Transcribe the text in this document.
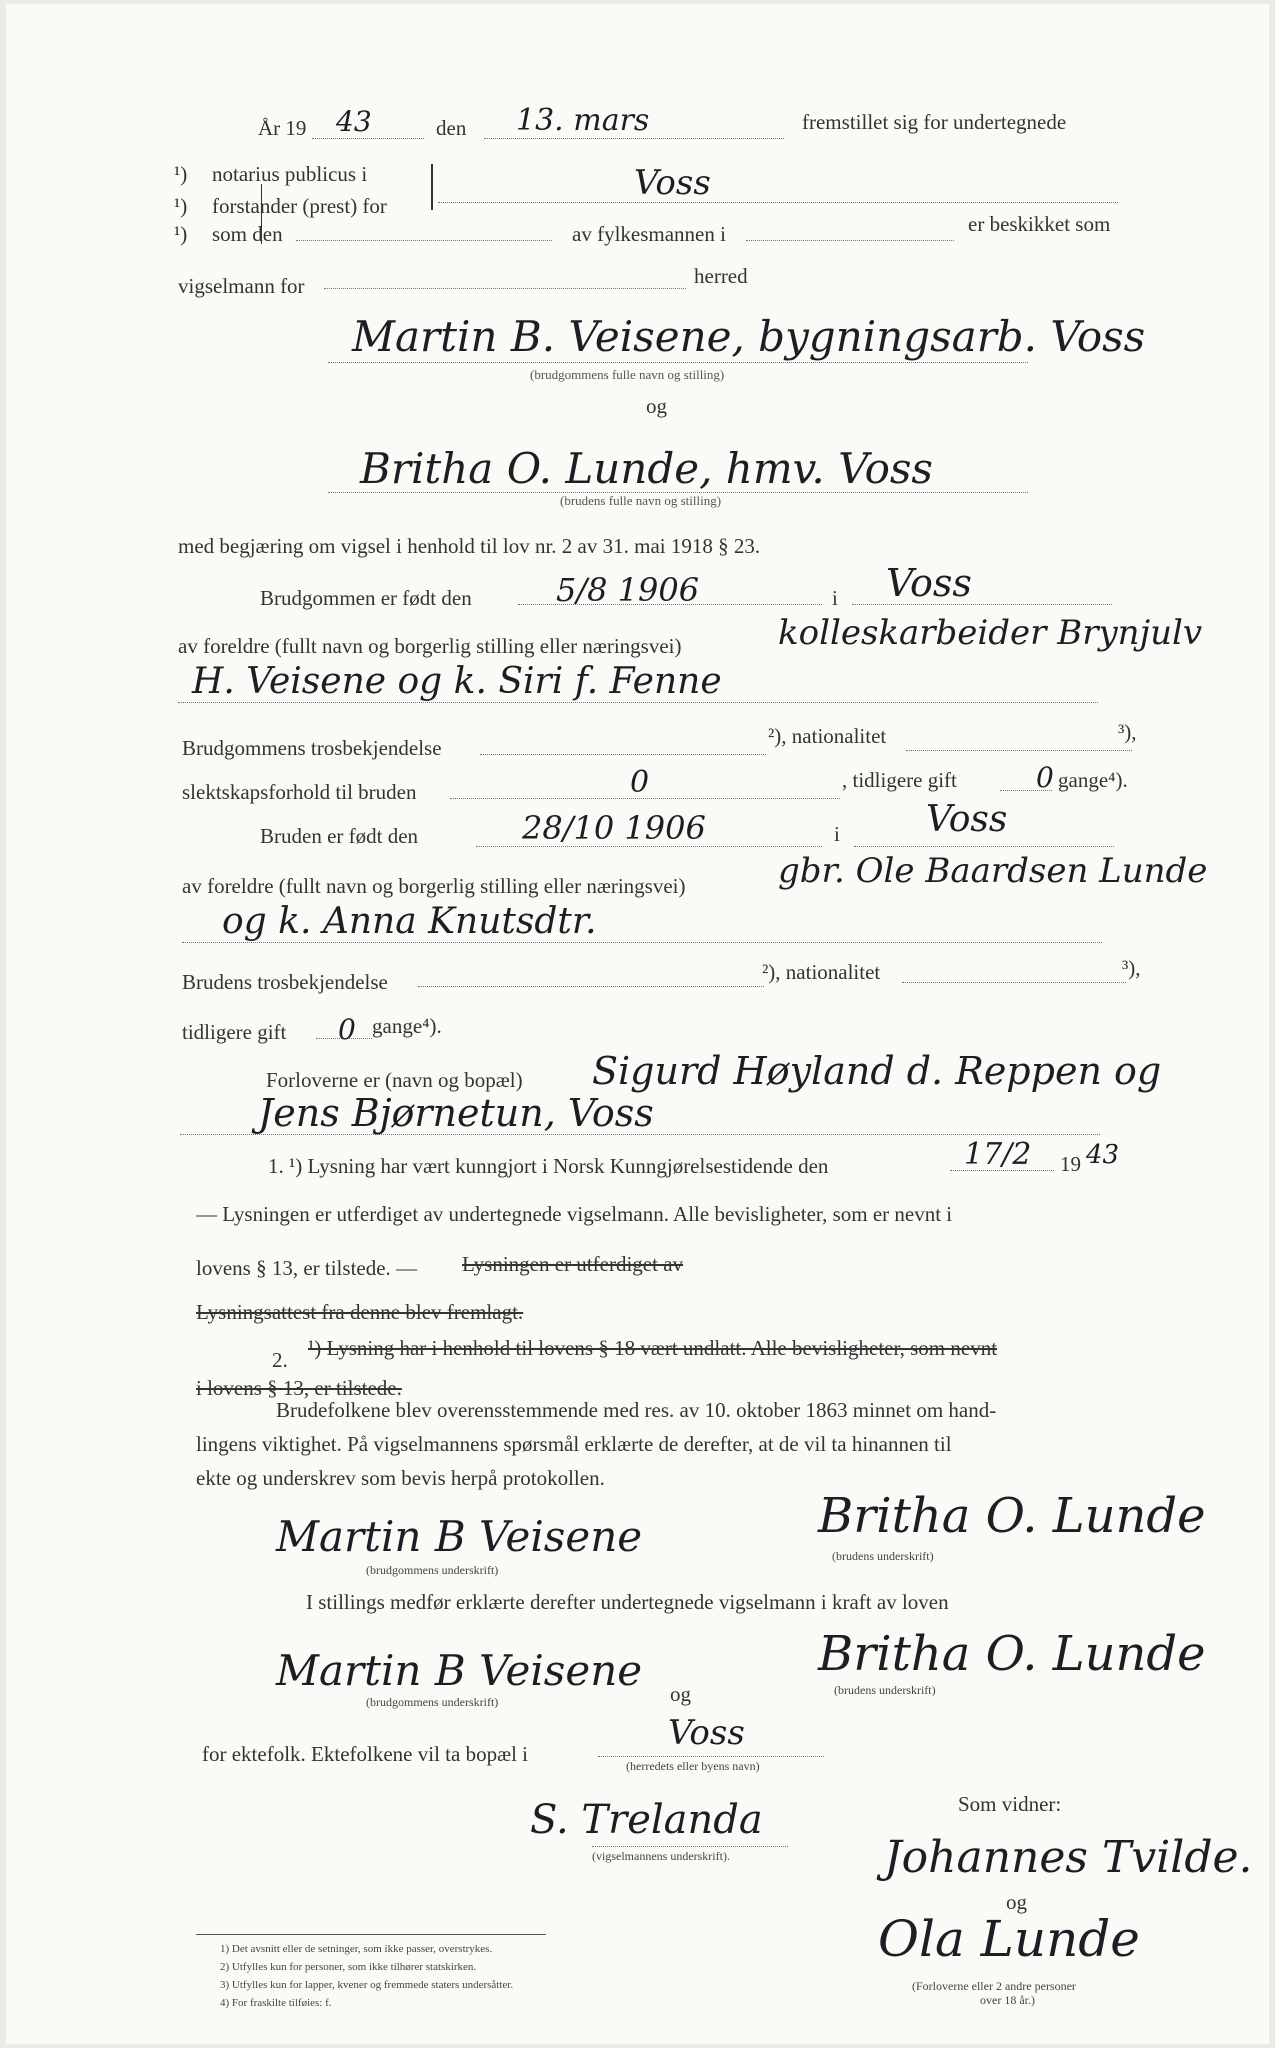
År 19 43	den 13. mars	fremstillet sig for undertegnede
¹) notarius publicus i
¹) forstander (prest) for
¹) som den
Voss
av fylkesmannen i	er beskikket som
vigselmann for	herred
Martin B. Veisene, bygningsarb. Voss
(brudgommens fulle navn og stilling)
og
Britha O. Lunde, hmv. Voss
(brudens fulle navn og stilling)
med begjæring om vigsel i henhold til lov nr. 2 av 31. mai 1918 § 23.
Brudgommen er født den	5/8 1906	i Voss
av foreldre (fullt navn og borgerlig stilling eller næringsvei)	kolleskarbeider Brynjulv
H. Veisene og k. Siri f. Fenne
Brudgommens trosbekjendelse	²), nationalitet	³),
slektskapsforhold til bruden	0	, tidligere gift	0 gange⁴).
Bruden er født den	28/10 1906	i Voss
av foreldre (fullt navn og borgerlig stilling eller næringsvei)	gbr. Ole Baardsen Lunde
og k. Anna Knutsdtr.
Brudens trosbekjendelse	²), nationalitet	³),
tidligere gift 0 gange⁴).
Forloverne er (navn og bopæl) Sigurd Høyland d. Reppen og
Jens Bjørnetun, Voss
1. ¹) Lysning har vært kunngjort i Norsk Kunngjørelsestidende den	17/2 19 43
— Lysningen er utferdiget av undertegnede vigselmann. Alle bevisligheter, som er nevnt i
lovens § 13, er tilstede. — Lysningen er utferdiget av
Lysningsattest fra denne blev fremlagt.
2. ¹) Lysning har i henhold til lovens § 18 vært undlatt. Alle bevisligheter, som nevnt
i lovens § 13, er tilstede.
Brudefolkene blev overensstemmende med res. av 10. oktober 1863 minnet om hand-
lingens viktighet. På vigselmannens spørsmål erklærte de derefter, at de vil ta hinannen til
ekte og underskrev som bevis herpå protokollen.
Martin B Veisene
(brudgommens underskrift)
Britha O. Lunde
(brudens underskrift)
I stillings medfør erklærte derefter undertegnede vigselmann i kraft av loven
Martin B Veisene
(brudgommens underskrift)	og
Britha O. Lunde
(brudens underskrift)
for ektefolk. Ektefolkene vil ta bopæl i
Voss
(herredets eller byens navn)
Som vidner:
S. Trelanda
(vigselmannens underskrift).	Johannes Tvilde.
og
Ola Lunde
(Forloverne eller 2 andre personer
over 18 år.)
1) Det avsnitt eller de setninger, som ikke passer, overstrykes.
2) Utfylles kun for personer, som ikke tilhører statskirken.
3) Utfylles kun for lapper, kvener og fremmede staters undersåtter.
4) For fraskilte tilføies: f.
